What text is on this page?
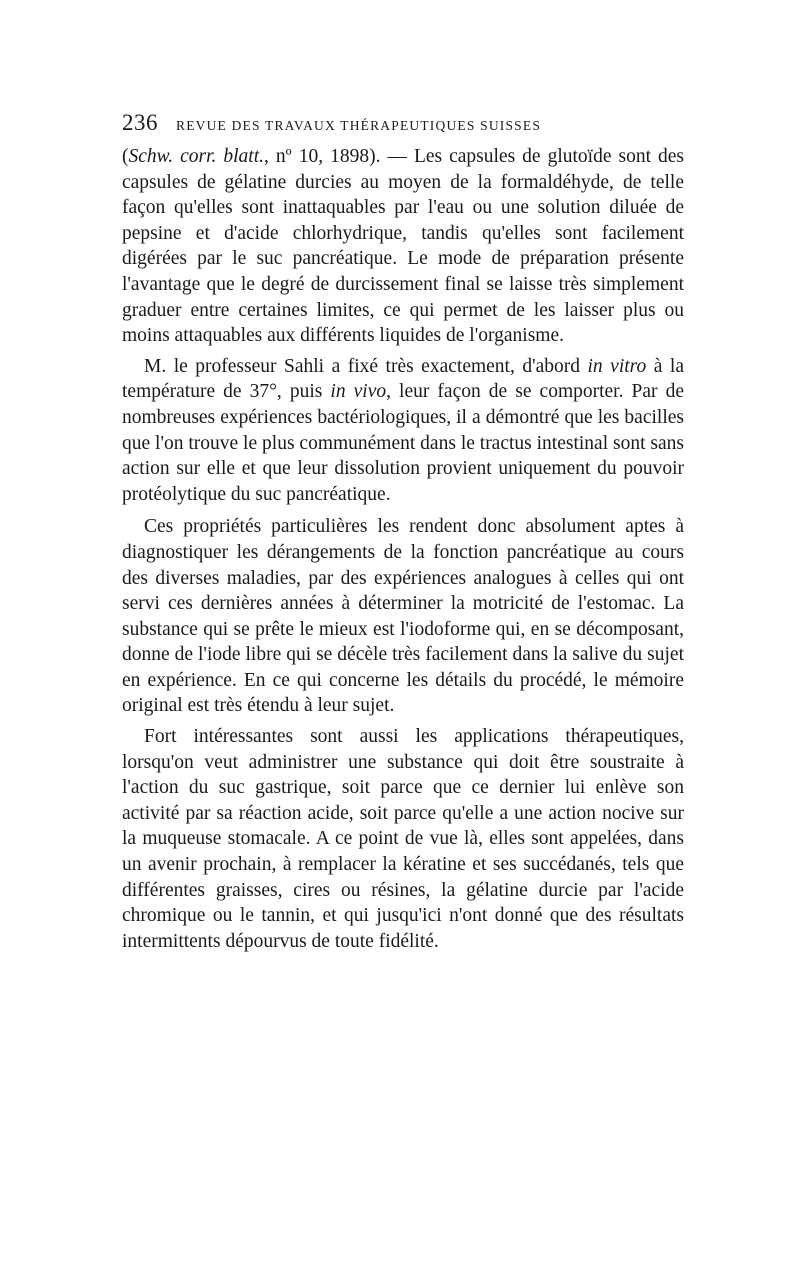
236	REVUE DES TRAVAUX THÉRAPEUTIQUES SUISSES

(Schw. corr. blatt., nº 10, 1898). — Les capsules de glutoïde sont des capsules de gélatine durcies au moyen de la formaldéhyde, de telle façon qu'elles sont inattaquables par l'eau ou une solution diluée de pepsine et d'acide chlorhydrique, tandis qu'elles sont facilement digérées par le suc pancréatique. Le mode de préparation présente l'avantage que le degré de durcissement final se laisse très simplement graduer entre certaines limites, ce qui permet de les laisser plus ou moins attaquables aux différents liquides de l'organisme.

M. le professeur Sahli a fixé très exactement, d'abord in vitro à la température de 37°, puis in vivo, leur façon de se comporter. Par de nombreuses expériences bactériologiques, il a démontré que les bacilles que l'on trouve le plus communément dans le tractus intestinal sont sans action sur elle et que leur dissolution provient uniquement du pouvoir protéolytique du suc pancréatique.

Ces propriétés particulières les rendent donc absolument aptes à diagnostiquer les dérangements de la fonction pancréatique au cours des diverses maladies, par des expériences analogues à celles qui ont servi ces dernières années à déterminer la motricité de l'estomac. La substance qui se prête le mieux est l'iodoforme qui, en se décomposant, donne de l'iode libre qui se décèle très facilement dans la salive du sujet en expérience. En ce qui concerne les détails du procédé, le mémoire original est très étendu à leur sujet.

Fort intéressantes sont aussi les applications thérapeutiques, lorsqu'on veut administrer une substance qui doit être soustraite à l'action du suc gastrique, soit parce que ce dernier lui enlève son activité par sa réaction acide, soit parce qu'elle a une action nocive sur la muqueuse stomacale. A ce point de vue là, elles sont appelées, dans un avenir prochain, à remplacer la kératine et ses succédanés, tels que différentes graisses, cires ou résines, la gélatine durcie par l'acide chromique ou le tannin, et qui jusqu'ici n'ont donné que des résultats intermittents dépourvus de toute fidélité.
